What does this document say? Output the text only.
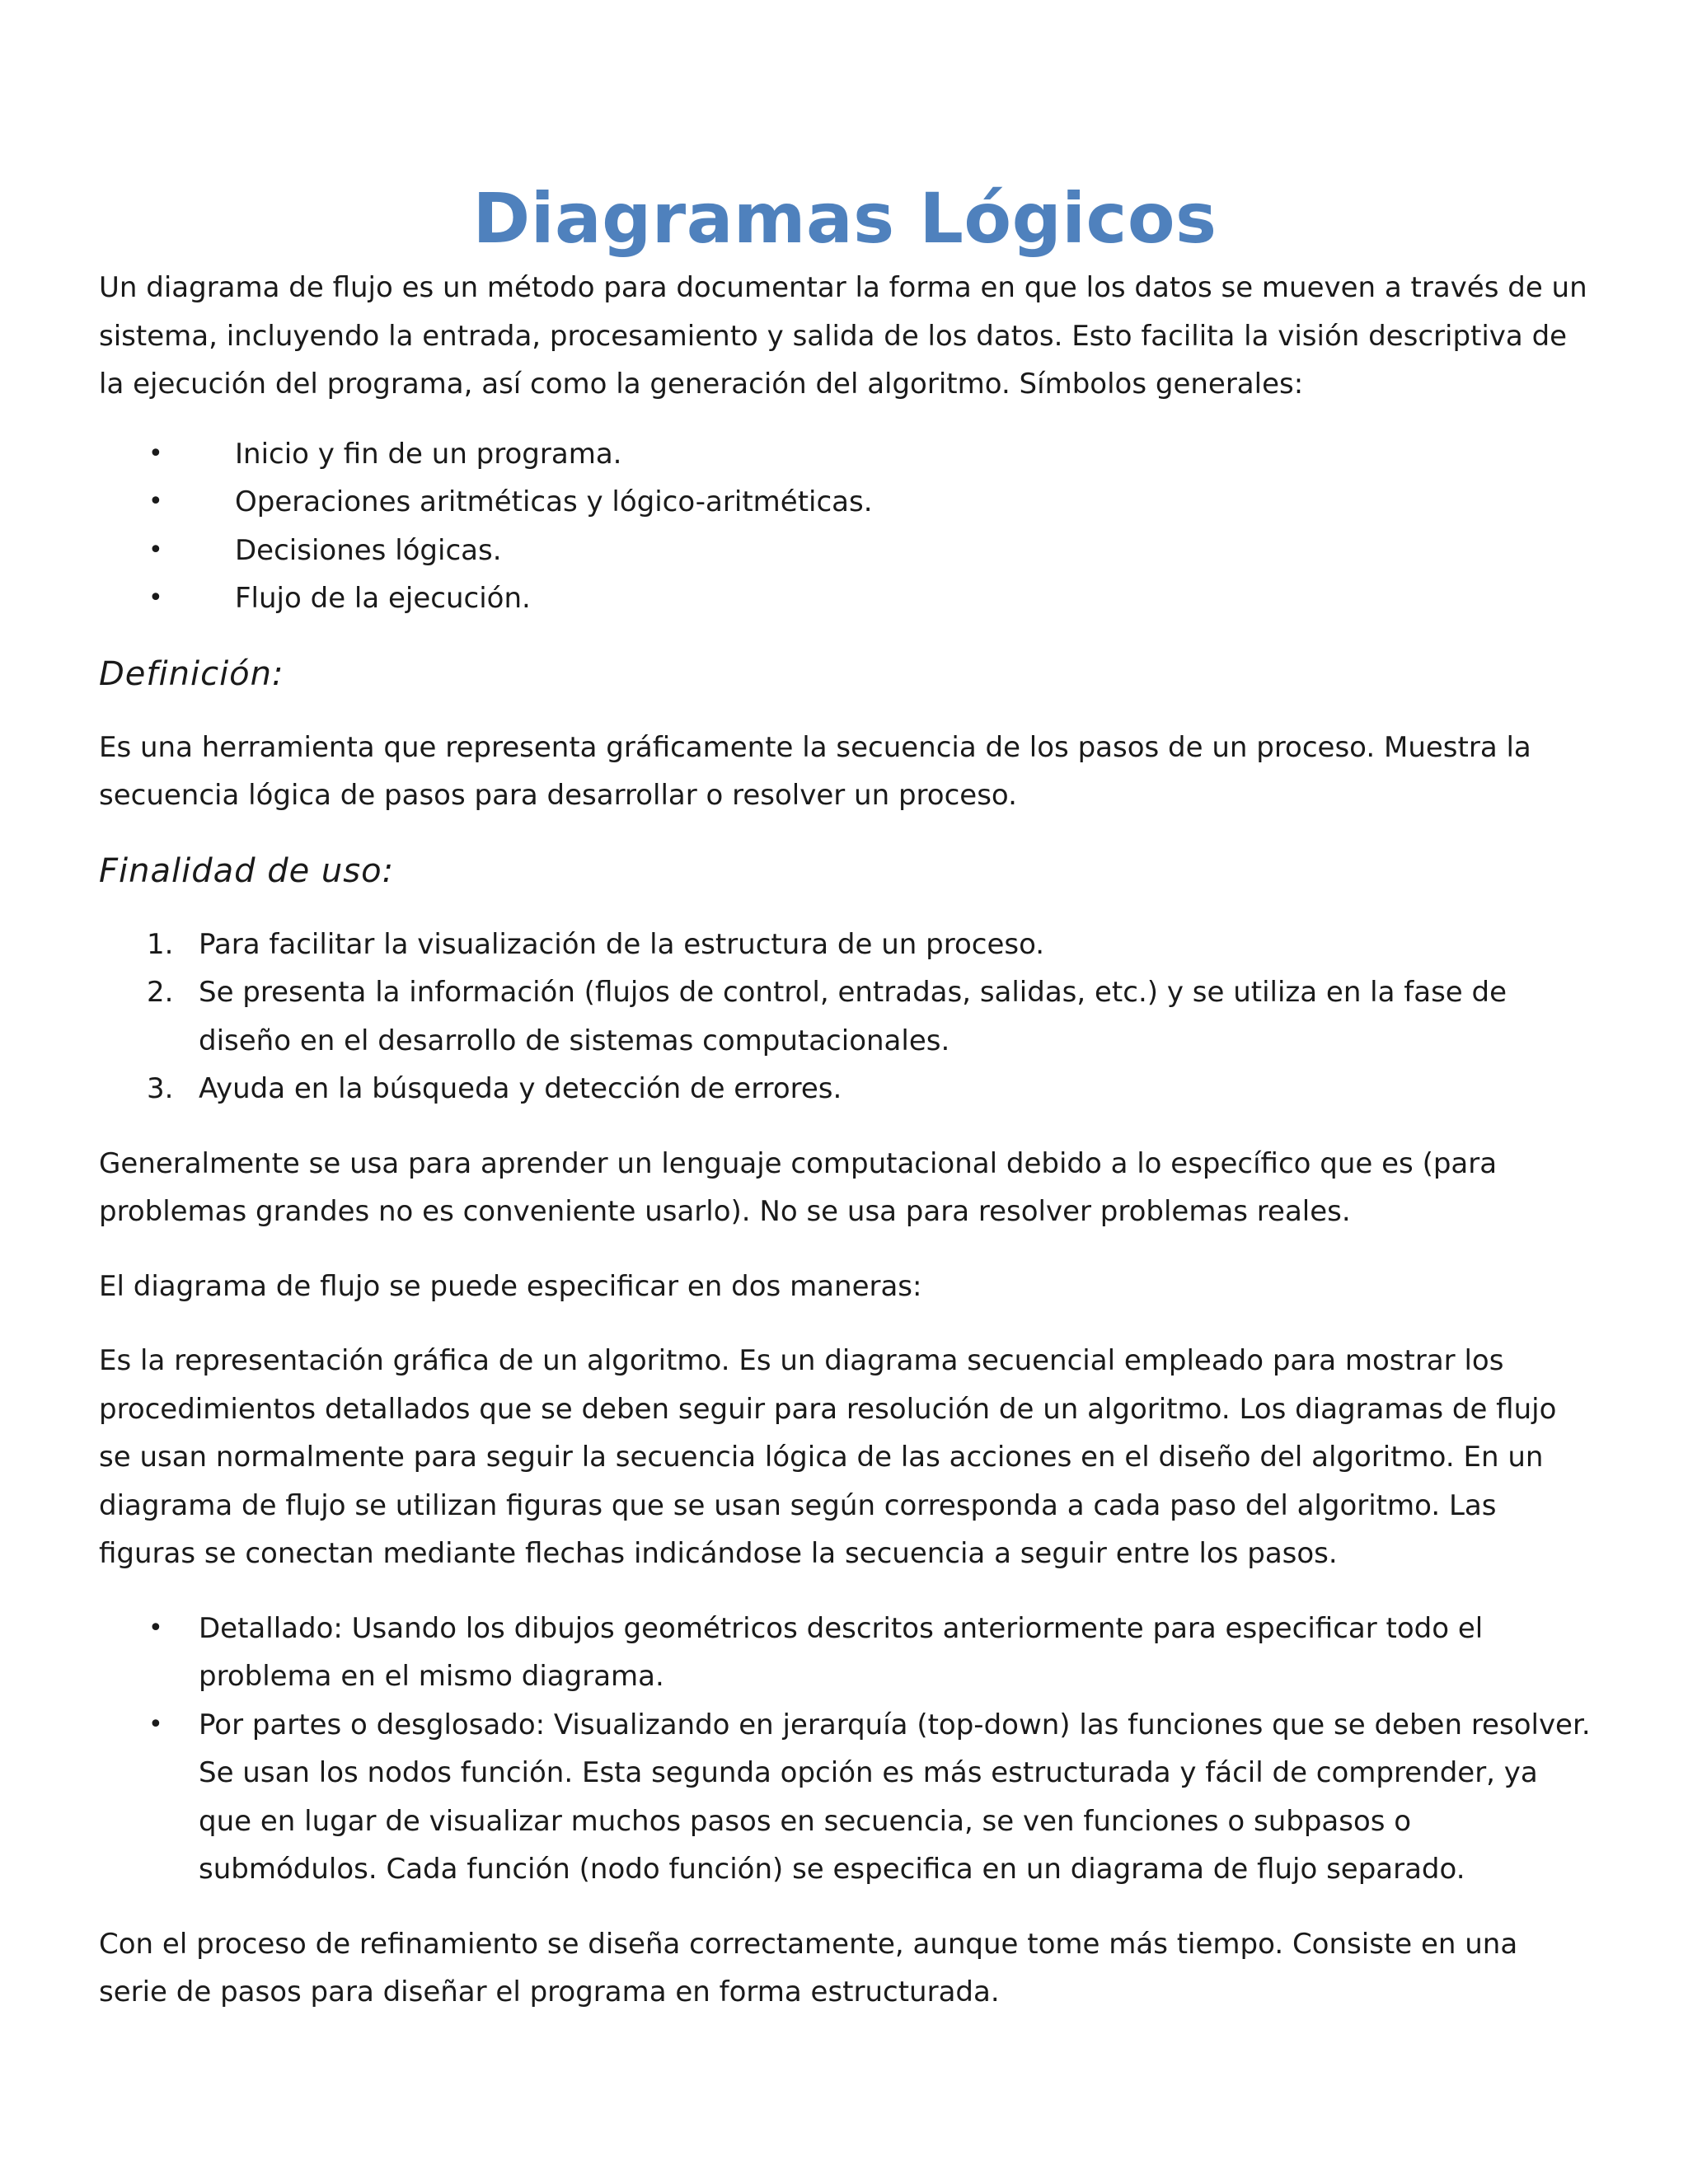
Diagramas Lógicos

Un diagrama de flujo es un método para documentar la forma en que los datos se mueven a través de un sistema, incluyendo la entrada, procesamiento y salida de los datos. Esto facilita la visión descriptiva de la ejecución del programa, así como la generación del algoritmo. Símbolos generales:

•	Inicio y fin de un programa.
•	Operaciones aritméticas y lógico-aritméticas.
•	Decisiones lógicas.
•	Flujo de la ejecución.
Definición:

Es una herramienta que representa gráficamente la secuencia de los pasos de un proceso. Muestra la secuencia lógica de pasos para desarrollar o resolver un proceso.

Finalidad de uso:
1. Para facilitar la visualización de la estructura de un proceso.
2. Se presenta la información (flujos de control, entradas, salidas, etc.) y se utiliza en la fase de diseño en el desarrollo de sistemas computacionales.
3. Ayuda en la búsqueda y detección de errores.

Generalmente se usa para aprender un lenguaje computacional debido a lo específico que es (para problemas grandes no es conveniente usarlo). No se usa para resolver problemas reales.

El diagrama de flujo se puede especificar en dos maneras:

Es la representación gráfica de un algoritmo. Es un diagrama secuencial empleado para mostrar los procedimientos detallados que se deben seguir para resolución de un algoritmo. Los diagramas de flujo se usan normalmente para seguir la secuencia lógica de las acciones en el diseño del algoritmo. En un diagrama de flujo se utilizan figuras que se usan según corresponda a cada paso del algoritmo. Las figuras se conectan mediante flechas indicándose la secuencia a seguir entre los pasos.

• Detallado: Usando los dibujos geométricos descritos anteriormente para especificar todo el problema en el mismo diagrama.
• Por partes o desglosado: Visualizando en jerarquía (top-down) las funciones que se deben resolver. Se usan los nodos función. Esta segunda opción es más estructurada y fácil de comprender, ya que en lugar de visualizar muchos pasos en secuencia, se ven funciones o subpasos o submódulos. Cada función (nodo función) se especifica en un diagrama de flujo separado.

Con el proceso de refinamiento se diseña correctamente, aunque tome más tiempo. Consiste en una serie de pasos para diseñar el programa en forma estructurada.
